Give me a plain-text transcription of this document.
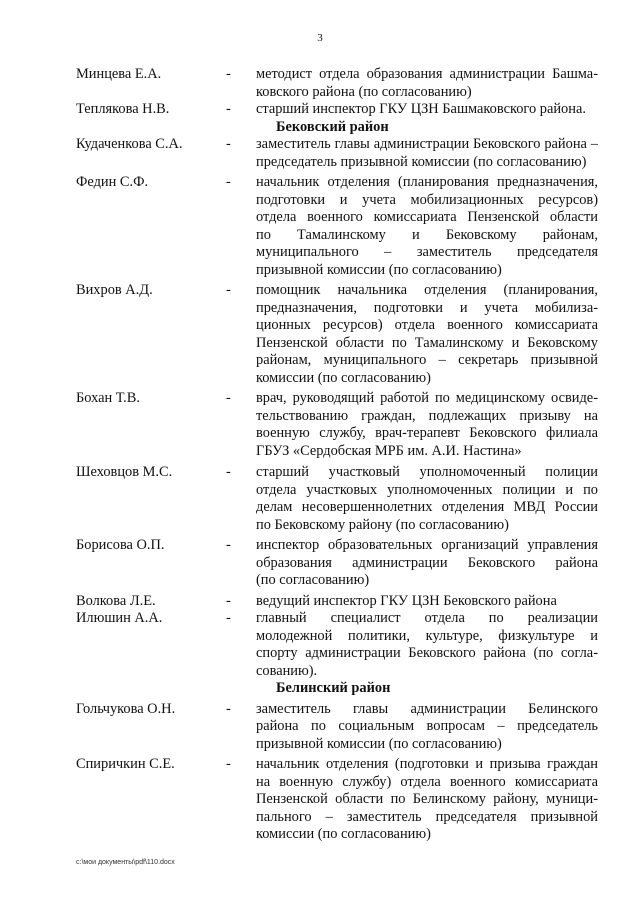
3
Минцева Е.А.	-	методист отдела образования администрации Башма-
ковского района (по согласованию)
Теплякова Н.В.	-	старший инспектор ГКУ ЦЗН Башмаковского района.
Бековский район
Кудаченкова С.А.	-	заместитель главы администрации Бековского района –
председатель призывной комиссии (по согласованию)
Федин С.Ф.	-	начальник отделения (планирования предназначения,
подготовки и учета мобилизационных ресурсов)
отдела военного комиссариата Пензенской области
по Тамалинскому и Бековскому районам,
муниципального – заместитель председателя
призывной комиссии (по согласованию)
Вихров А.Д.	-	помощник начальника отделения (планирования,
предназначения, подготовки и учета мобилиза-
ционных ресурсов) отдела военного комиссариата
Пензенской области по Тамалинскому и Бековскому
районам, муниципального – секретарь призывной
комиссии (по согласованию)
Бохан Т.В.	-	врач, руководящий работой по медицинскому освиде-
тельствованию граждан, подлежащих призыву на
военную службу, врач-терапевт Бековского филиала
ГБУЗ «Сердобская МРБ им. А.И. Настина»
Шеховцов М.С.	-	старший участковый уполномоченный полиции
отдела участковых уполномоченных полиции и по
делам несовершеннолетних отделения МВД России
по Бековскому району (по согласованию)
Борисова О.П.	-	инспектор образовательных организаций управления
образования администрации Бековского района
(по согласованию)
Волкова Л.Е.	-	ведущий инспектор ГКУ ЦЗН Бековского района
Илюшин А.А.	-	главный специалист отдела по реализации
молодежной политики, культуре, физкультуре и
спорту администрации Бековского района (по согла-
сованию).
Белинский район
Гольчукова О.Н.	-	заместитель главы администрации Белинского
района по социальным вопросам – председатель
призывной комиссии (по согласованию)
Спиричкин С.Е.	-	начальник отделения (подготовки и призыва граждан
на военную службу) отдела военного комиссариата
Пензенской области по Белинскому району, муници-
пального – заместитель председателя призывной
комиссии (по согласованию)
c:\мои документы\pdf\110.docx
